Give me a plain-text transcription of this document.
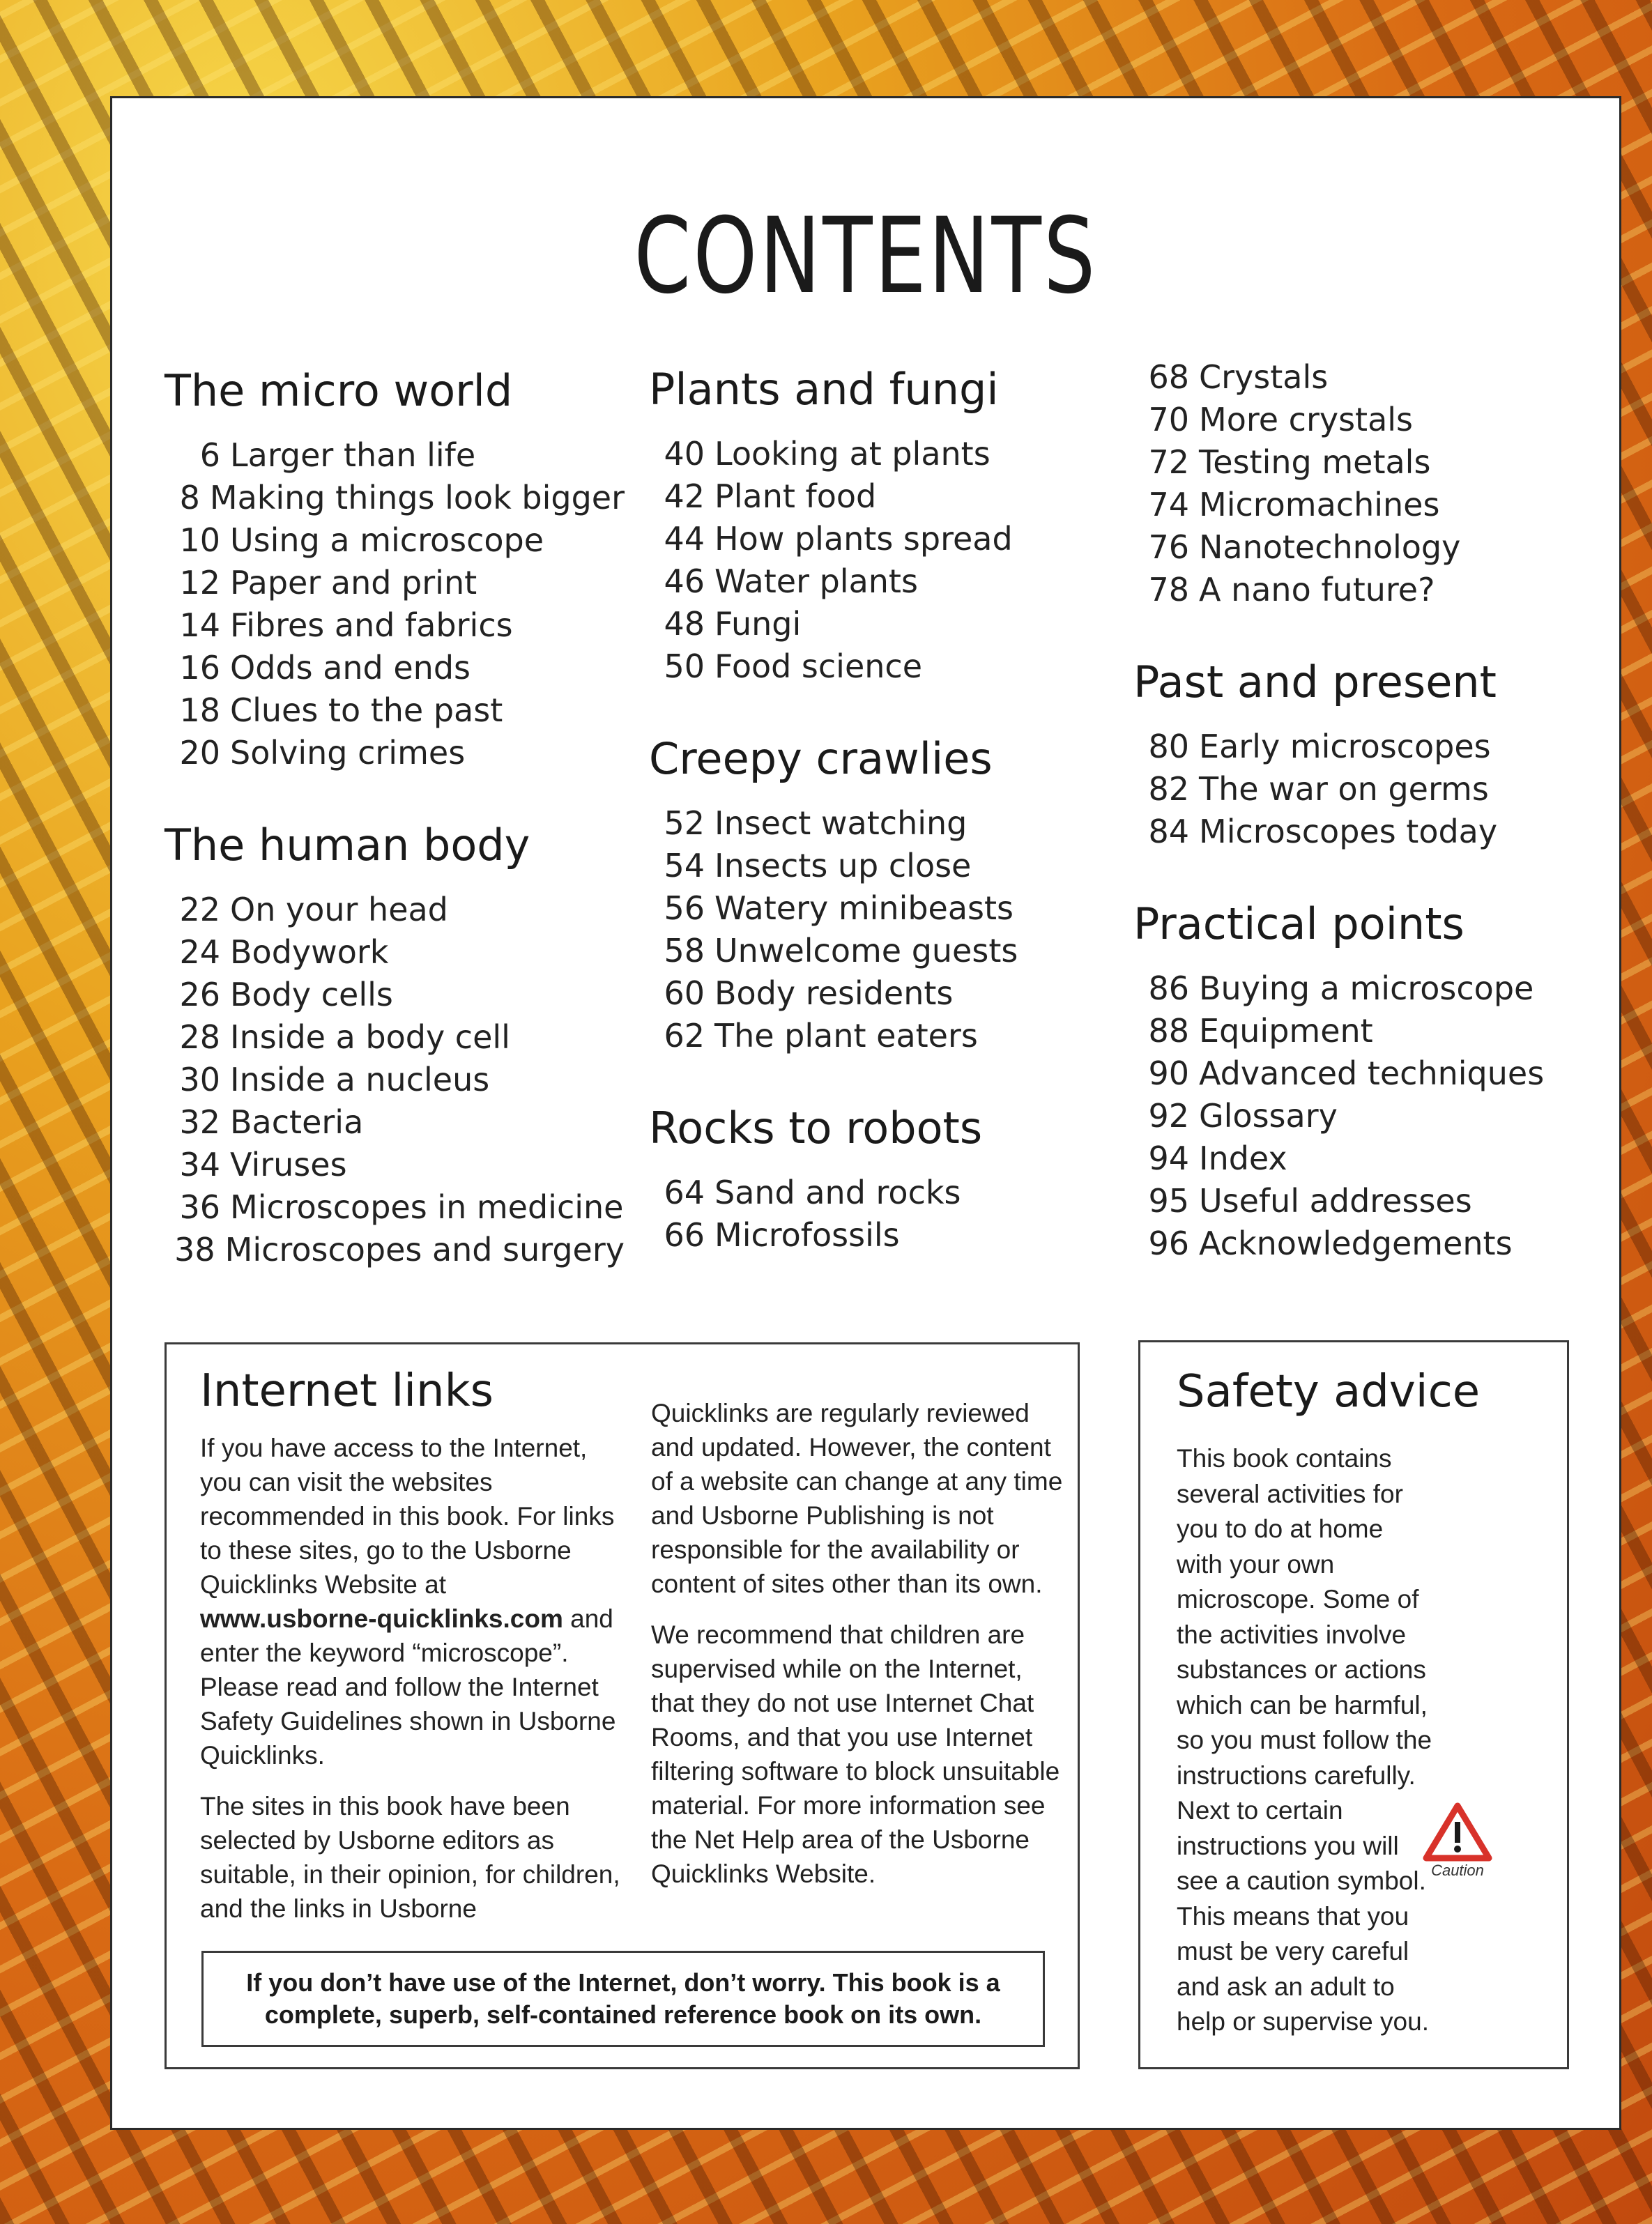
CONTENTS
The micro world
6 Larger than life
8 Making things look bigger
10 Using a microscope
12 Paper and print
14 Fibres and fabrics
16 Odds and ends
18 Clues to the past
20 Solving crimes
The human body
22 On your head
24 Bodywork
26 Body cells
28 Inside a body cell
30 Inside a nucleus
32 Bacteria
34 Viruses
36 Microscopes in medicine
38 Microscopes and surgery
Plants and fungi
40 Looking at plants
42 Plant food
44 How plants spread
46 Water plants
48 Fungi
50 Food science
Creepy crawlies
52 Insect watching
54 Insects up close
56 Watery minibeasts
58 Unwelcome guests
60 Body residents
62 The plant eaters
Rocks to robots
64 Sand and rocks
66 Microfossils
68 Crystals
70 More crystals
72 Testing metals
74 Micromachines
76 Nanotechnology
78 A nano future?
Past and present
80 Early microscopes
82 The war on germs
84 Microscopes today
Practical points
86 Buying a microscope
88 Equipment
90 Advanced techniques
92 Glossary
94 Index
95 Useful addresses
96 Acknowledgements
Internet links

If you have access to the Internet, you can visit the websites recommended in this book. For links to these sites, go to the Usborne Quicklinks Website at www.usborne-quicklinks.com and enter the keyword “microscope”. Please read and follow the Internet Safety Guidelines shown in Usborne Quicklinks.

The sites in this book have been selected by Usborne editors as suitable, in their opinion, for children, and the links in Usborne

Quicklinks are regularly reviewed and updated. However, the content of a website can change at any time and Usborne Publishing is not responsible for the availability or content of sites other than its own.

We recommend that children are supervised while on the Internet, that they do not use Internet Chat Rooms, and that you use Internet filtering software to block unsuitable material. For more information see the Net Help area of the Usborne Quicklinks Website.

If you don’t have use of the Internet, don’t worry. This book is a complete, superb, self-contained reference book on its own.
Safety advice
This book contains several activities for you to do at home with your own microscope. Some of the activities involve substances or actions which can be harmful, so you must follow the instructions carefully. Next to certain instructions you will see a caution symbol. This means that you must be very careful and ask an adult to help or supervise you.
Caution
